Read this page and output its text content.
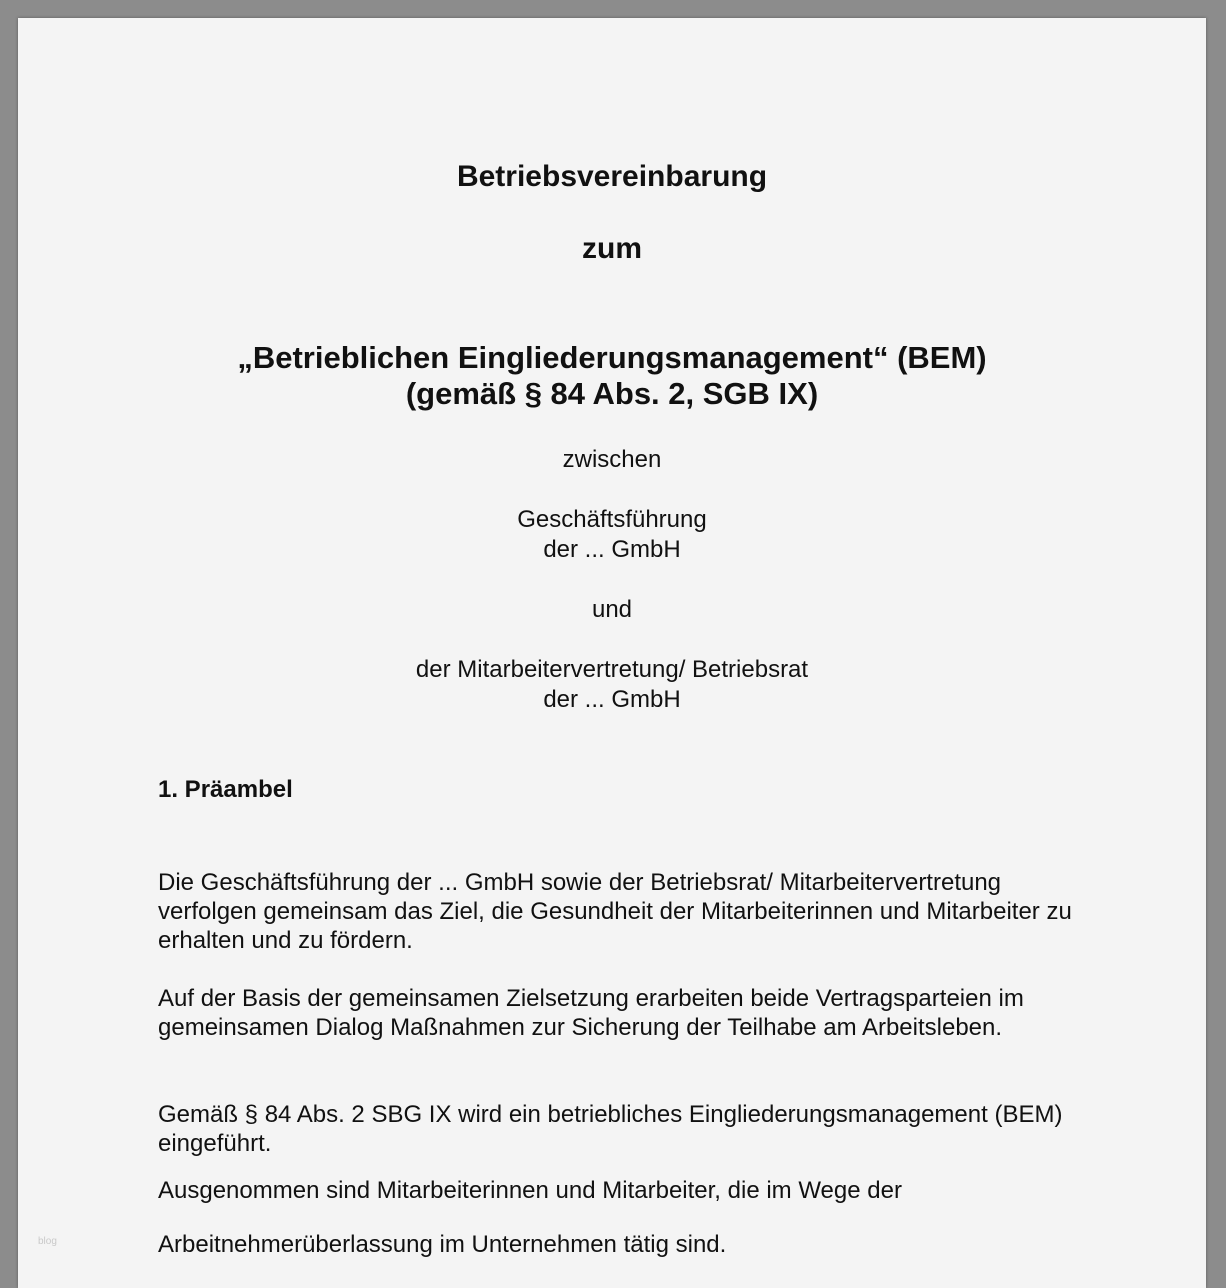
Betriebsvereinbarung

zum

„Betrieblichen Eingliederungsmanagement“ (BEM)

(gemäß § 84 Abs. 2, SGB IX)

zwischen

Geschäftsführung

der ... GmbH

und

der Mitarbeitervertretung/ Betriebsrat

der ... GmbH

1. Präambel

Die Geschäftsführung der ... GmbH sowie der Betriebsrat/ Mitarbeitervertretung verfolgen gemeinsam das Ziel, die Gesundheit der Mitarbeiterinnen und Mitarbeiter zu erhalten und zu fördern.

Auf der Basis der gemeinsamen Zielsetzung erarbeiten beide Vertragsparteien im gemeinsamen Dialog Maßnahmen zur Sicherung der Teilhabe am Arbeitsleben.

Gemäß § 84 Abs. 2 SBG IX wird ein betriebliches Eingliederungsmanagement (BEM) eingeführt.

Ausgenommen sind Mitarbeiterinnen und Mitarbeiter, die im Wege der

Arbeitnehmerüberlassung im Unternehmen tätig sind.

blog
